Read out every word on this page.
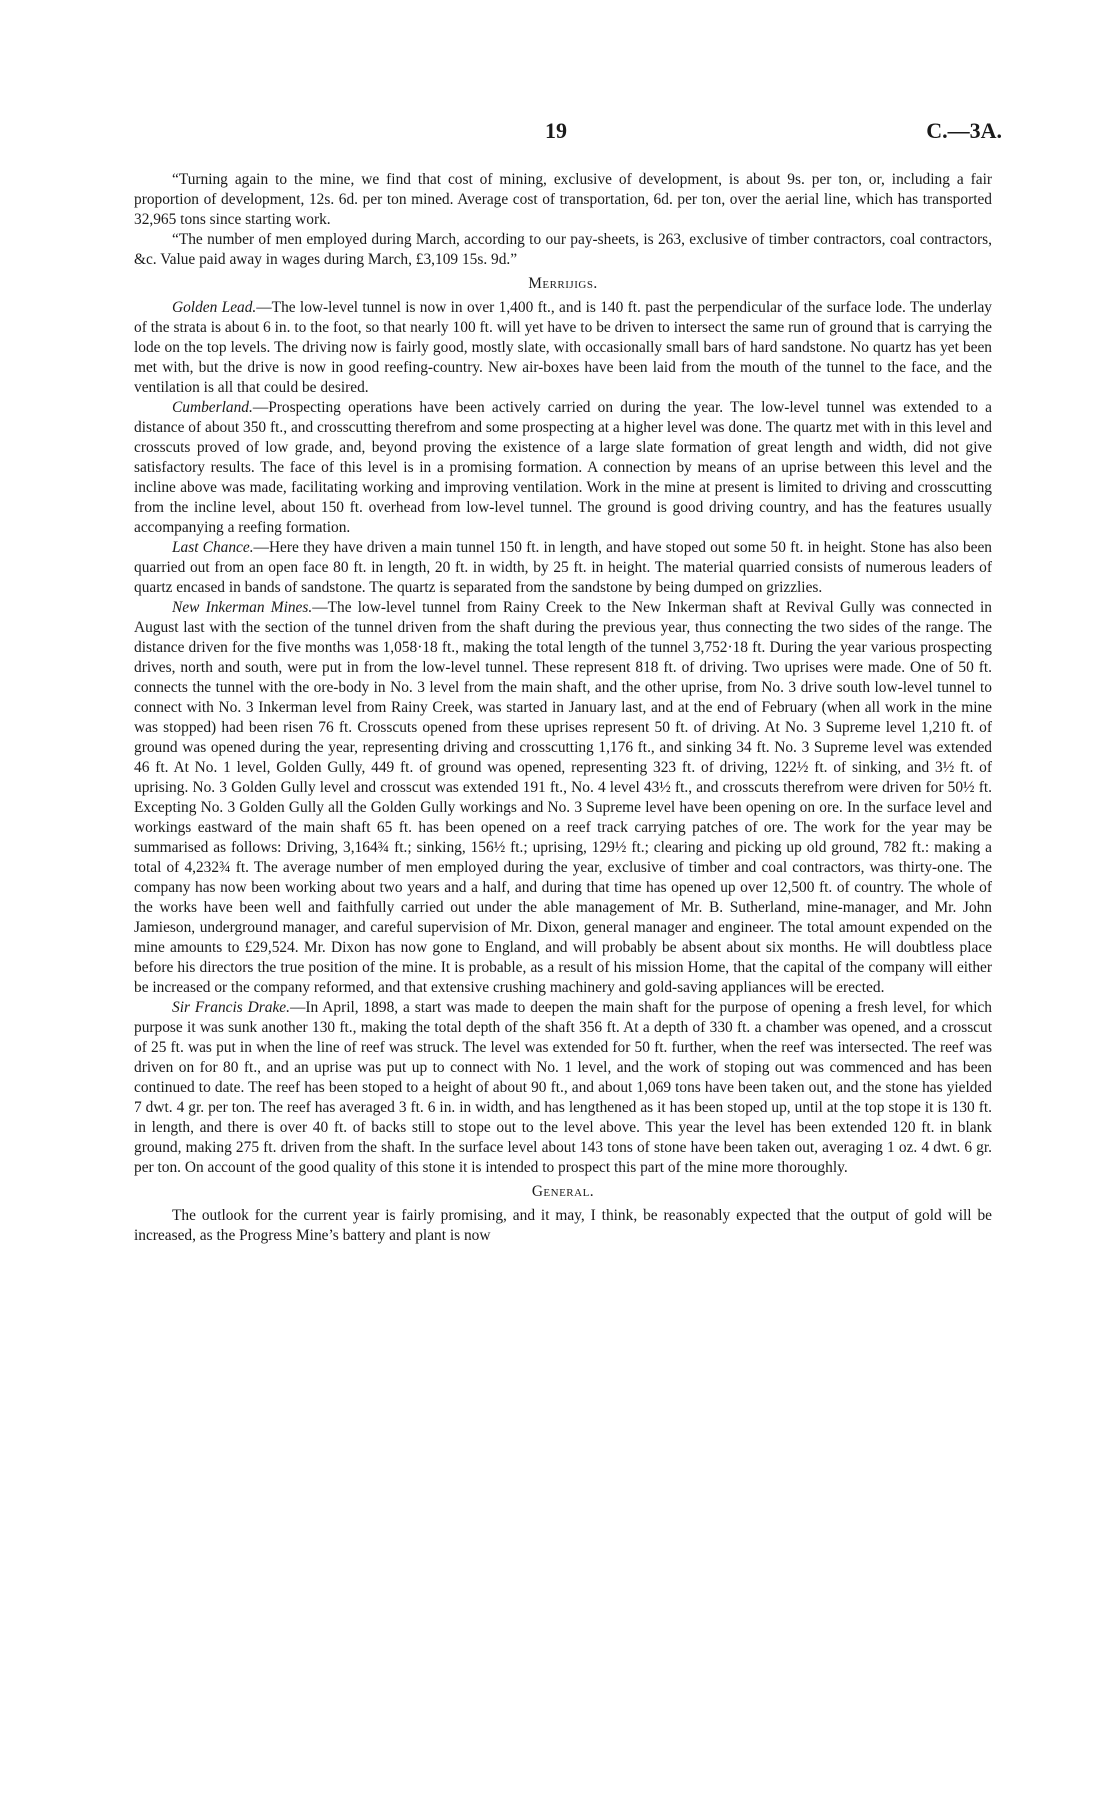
19	C.—3A.

“Turning again to the mine, we find that cost of mining, exclusive of development, is about 9s. per ton, or, including a fair proportion of development, 12s. 6d. per ton mined. Average cost of transportation, 6d. per ton, over the aerial line, which has transported 32,965 tons since starting work.

“The number of men employed during March, according to our pay-sheets, is 263, exclusive of timber contractors, coal contractors, &c. Value paid away in wages during March, £3,109 15s. 9d.”

Merrijigs.

Golden Lead.—The low-level tunnel is now in over 1,400 ft., and is 140 ft. past the perpendicular of the surface lode. The underlay of the strata is about 6 in. to the foot, so that nearly 100 ft. will yet have to be driven to intersect the same run of ground that is carrying the lode on the top levels. The driving now is fairly good, mostly slate, with occasionally small bars of hard sandstone. No quartz has yet been met with, but the drive is now in good reefing-country. New air-boxes have been laid from the mouth of the tunnel to the face, and the ventilation is all that could be desired.

Cumberland.—Prospecting operations have been actively carried on during the year. The low-level tunnel was extended to a distance of about 350 ft., and crosscutting therefrom and some prospecting at a higher level was done. The quartz met with in this level and crosscuts proved of low grade, and, beyond proving the existence of a large slate formation of great length and width, did not give satisfactory results. The face of this level is in a promising formation. A connection by means of an uprise between this level and the incline above was made, facilitating working and improving ventilation. Work in the mine at present is limited to driving and crosscutting from the incline level, about 150 ft. overhead from low-level tunnel. The ground is good driving country, and has the features usually accompanying a reefing formation.

Last Chance.—Here they have driven a main tunnel 150 ft. in length, and have stoped out some 50 ft. in height. Stone has also been quarried out from an open face 80 ft. in length, 20 ft. in width, by 25 ft. in height. The material quarried consists of numerous leaders of quartz encased in bands of sandstone. The quartz is separated from the sandstone by being dumped on grizzlies.

New Inkerman Mines.—The low-level tunnel from Rainy Creek to the New Inkerman shaft at Revival Gully was connected in August last with the section of the tunnel driven from the shaft during the previous year, thus connecting the two sides of the range. The distance driven for the five months was 1,058·18 ft., making the total length of the tunnel 3,752·18 ft. During the year various prospecting drives, north and south, were put in from the low-level tunnel. These represent 818 ft. of driving. Two uprises were made. One of 50 ft. connects the tunnel with the ore-body in No. 3 level from the main shaft, and the other uprise, from No. 3 drive south low-level tunnel to connect with No. 3 Inkerman level from Rainy Creek, was started in January last, and at the end of February (when all work in the mine was stopped) had been risen 76 ft. Crosscuts opened from these uprises represent 50 ft. of driving. At No. 3 Supreme level 1,210 ft. of ground was opened during the year, representing driving and crosscutting 1,176 ft., and sinking 34 ft. No. 3 Supreme level was extended 46 ft. At No. 1 level, Golden Gully, 449 ft. of ground was opened, representing 323 ft. of driving, 122½ ft. of sinking, and 3½ ft. of uprising. No. 3 Golden Gully level and crosscut was extended 191 ft., No. 4 level 43½ ft., and crosscuts therefrom were driven for 50½ ft. Excepting No. 3 Golden Gully all the Golden Gully workings and No. 3 Supreme level have been opening on ore. In the surface level and workings eastward of the main shaft 65 ft. has been opened on a reef track carrying patches of ore. The work for the year may be summarised as follows: Driving, 3,164¾ ft.; sinking, 156½ ft.; uprising, 129½ ft.; clearing and picking up old ground, 782 ft.: making a total of 4,232¾ ft. The average number of men employed during the year, exclusive of timber and coal contractors, was thirty-one. The company has now been working about two years and a half, and during that time has opened up over 12,500 ft. of country. The whole of the works have been well and faithfully carried out under the able management of Mr. B. Sutherland, mine-manager, and Mr. John Jamieson, underground manager, and careful supervision of Mr. Dixon, general manager and engineer. The total amount expended on the mine amounts to £29,524. Mr. Dixon has now gone to England, and will probably be absent about six months. He will doubtless place before his directors the true position of the mine. It is probable, as a result of his mission Home, that the capital of the company will either be increased or the company reformed, and that extensive crushing machinery and gold-saving appliances will be erected.

Sir Francis Drake.—In April, 1898, a start was made to deepen the main shaft for the purpose of opening a fresh level, for which purpose it was sunk another 130 ft., making the total depth of the shaft 356 ft. At a depth of 330 ft. a chamber was opened, and a crosscut of 25 ft. was put in when the line of reef was struck. The level was extended for 50 ft. further, when the reef was intersected. The reef was driven on for 80 ft., and an uprise was put up to connect with No. 1 level, and the work of stoping out was commenced and has been continued to date. The reef has been stoped to a height of about 90 ft., and about 1,069 tons have been taken out, and the stone has yielded 7 dwt. 4 gr. per ton. The reef has averaged 3 ft. 6 in. in width, and has lengthened as it has been stoped up, until at the top stope it is 130 ft. in length, and there is over 40 ft. of backs still to stope out to the level above. This year the level has been extended 120 ft. in blank ground, making 275 ft. driven from the shaft. In the surface level about 143 tons of stone have been taken out, averaging 1 oz. 4 dwt. 6 gr. per ton. On account of the good quality of this stone it is intended to prospect this part of the mine more thoroughly.

General.

The outlook for the current year is fairly promising, and it may, I think, be reasonably expected that the output of gold will be increased, as the Progress Mine’s battery and plant is now
